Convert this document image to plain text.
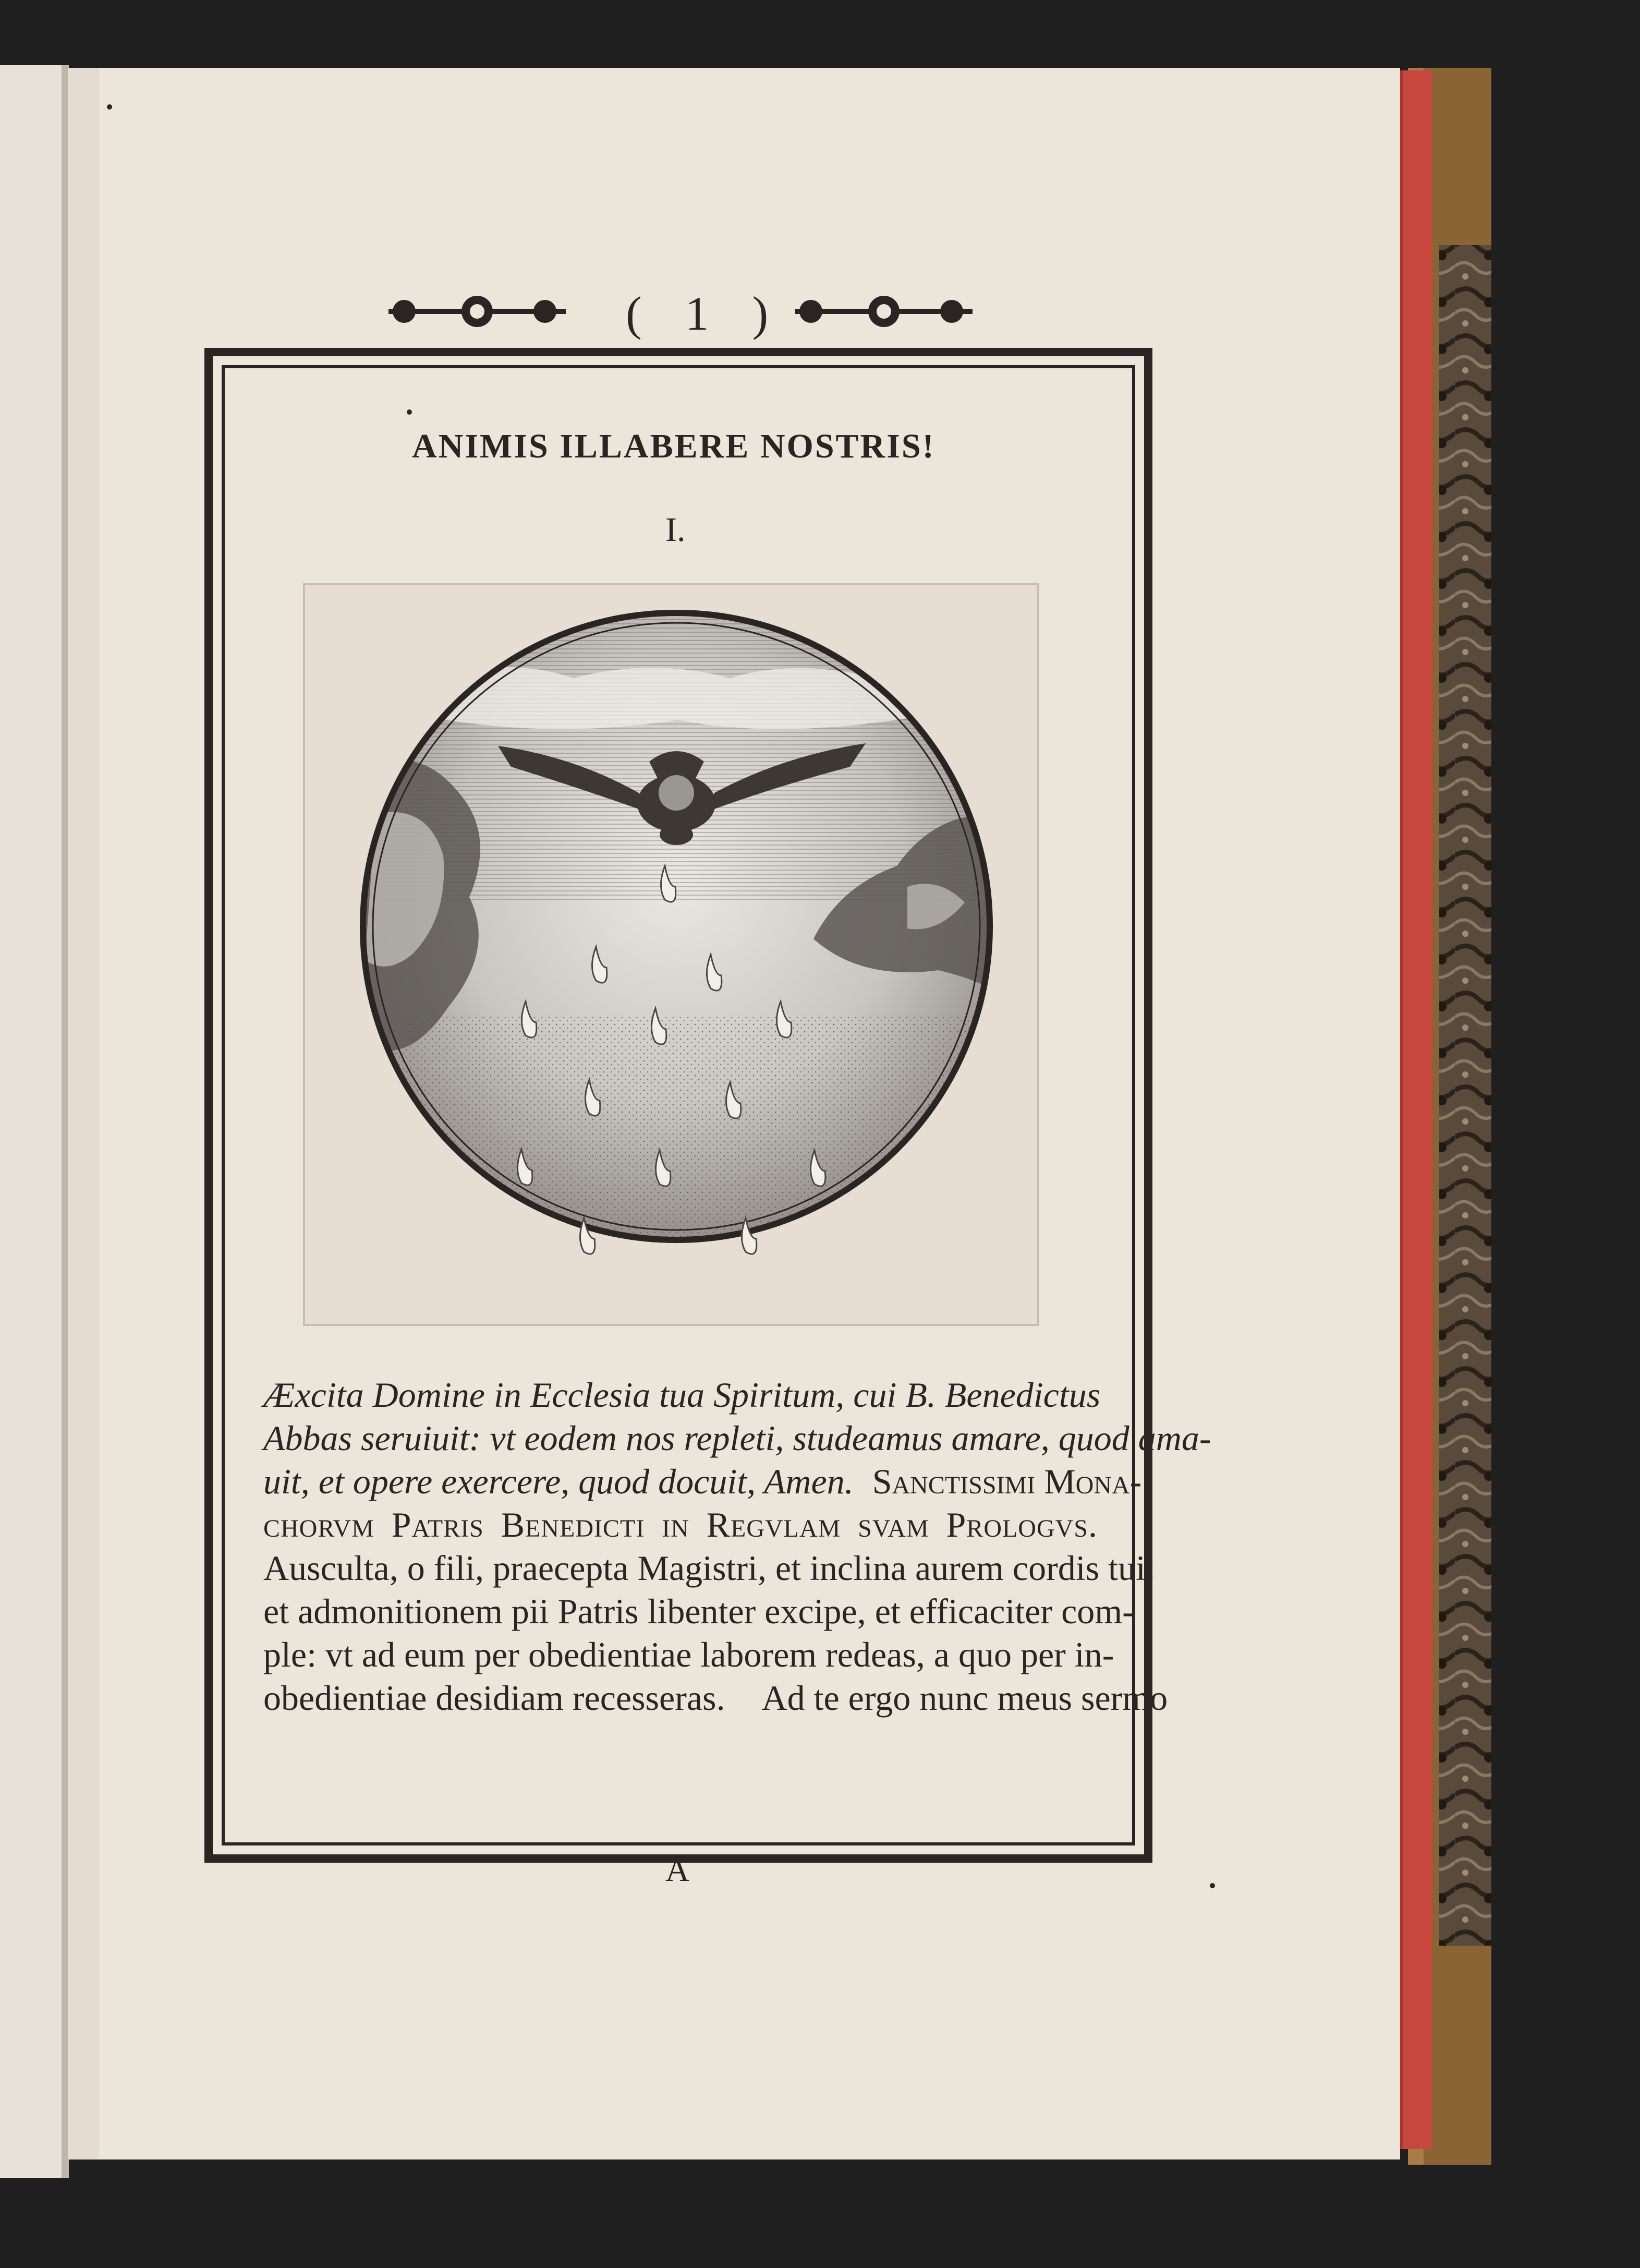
( 1 )
ANIMIS ILLABERE NOSTRIS!
I.
Æxcita Domine in Ecclesia tua Spiritum, cui B. Benedictus
Abbas seruiuit: vt eodem nos repleti, studeamus amare, quod ama-
uit, et opere exercere, quod docuit, Amen. Sanctissimi Mona-
chorvm Patris Benedicti in Regvlam svam Prologvs.
Ausculta, o fili, praecepta Magistri, et inclina aurem cordis tui:
et admonitionem pii Patris libenter excipe, et efficaciter com-
ple: vt ad eum per obedientiae laborem redeas, a quo per in-
obedientiae desidiam recesseras. Ad te ergo nunc meus sermo
A
